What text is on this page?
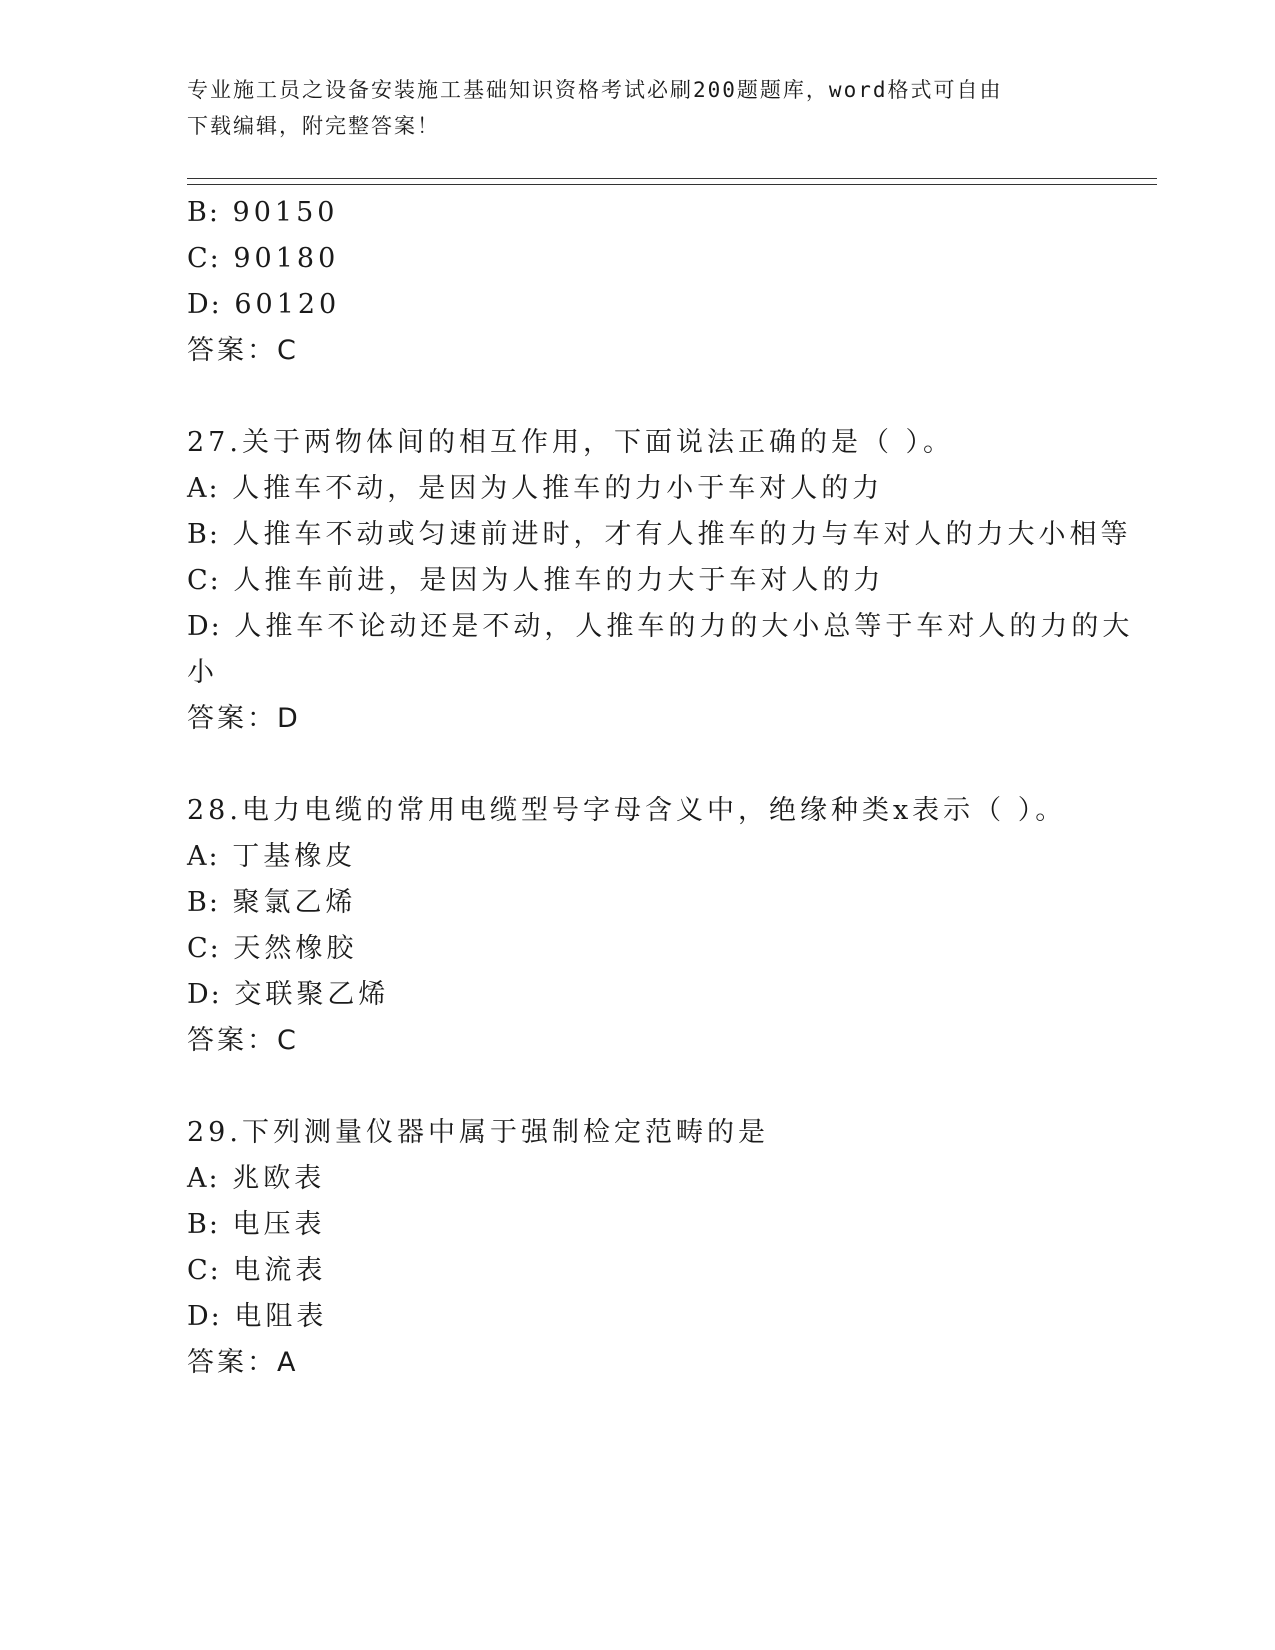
专业施工员之设备安装施工基础知识资格考试必刷200题题库，word格式可自由
下载编辑，附完整答案！
B: 90150
C: 90180
D: 60120
答案：C
27.关于两物体间的相互作用，下面说法正确的是（ ）。
A: 人推车不动，是因为人推车的力小于车对人的力
B: 人推车不动或匀速前进时，才有人推车的力与车对人的力大小相等
C: 人推车前进，是因为人推车的力大于车对人的力
D: 人推车不论动还是不动，人推车的力的大小总等于车对人的力的大
小
答案：D
28.电力电缆的常用电缆型号字母含义中，绝缘种类x表示（ ）。
A: 丁基橡皮
B: 聚氯乙烯
C: 天然橡胶
D: 交联聚乙烯
答案：C
29.下列测量仪器中属于强制检定范畴的是
A: 兆欧表
B: 电压表
C: 电流表
D: 电阻表
答案：A
